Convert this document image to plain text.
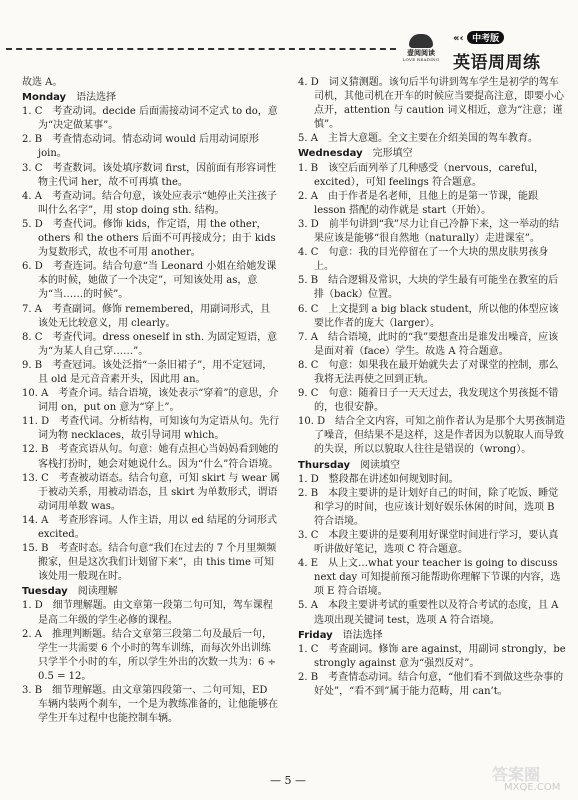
壹阅阅读
LOVE READING
«‹ 中考版
英语周周练

故选 A。

Monday　 语法选择

1. C　考查动词。decide 后面需接动词不定式 to do，意为“决定做某事”。

2. B　考查情态动词。情态动词 would 后用动词原形 join。

3. C　考查数词。该处填序数词 first，因前面有形容词性物主代词 her，故不可再填 the。

4. A　考查动词。结合句意，该处应表示“她停止关注孩子叫什么名字”，用 stop doing sth. 结构。

5. D　考查代词。修饰 kids，作定语，用 the other，others 和 the others 后面不可再接成分；由于 kids 为复数形式，故也不可用 another。

6. D　考查连词。结合句意“当 Leonard 小姐在给她发课本的时候，她做了一个决定”，可知该处用 as，意为“当……的时候”。

7. A　考查副词。修饰 remembered，用副词形式，且该处无比较意义，用 clearly。

8. C　考查代词。dress oneself in sth. 为固定短语，意为“为某人自己穿……”。

9. B　考查冠词。该处泛指“一条旧裙子”，用不定冠词，且 old 是元音音素开头，因此用 an。

10. A　考查介词。结合语境，该处表示“穿着”的意思，介词用 on，put on 意为“穿上”。

11. D　考查代词。分析结构，可知该句为定语从句。先行词为物 necklaces，故引导词用 which。

12. B　考查宾语从句。句意：她有点担心当妈妈看到她的客栈打扮时，她会对她说什么。因为“什么”符合语境。

13. C　考查被动语态。结合句意，可知 skirt 与 wear 属于被动关系，用被动语态，且 skirt 为单数形式，谓语动词用单数 was。

14. A　考查形容词。人作主语，用以 ed 结尾的分词形式 excited。

15. B　考查时态。结合句意“我们在过去的 7 个月里频频搬家，但是这次我们计划留下来”，由 this time 可知该处用一般现在时。

Tuesday　 阅读理解

1. D　细节理解题。由文章第一段第二句可知，驾车课程是高二年级的学生必修的课程。

2. A　推理判断题。结合文章第三段第二句及最后一句，学生一共需要 6 个小时的驾车训练，而每次外出训练只学半个小时的车，所以学生外出的次数一共为：6 ÷ 0.5 = 12。

3. B　细节理解题。由文章第四段第一、二句可知，ED 车辆内装两个刹车，一个是为教练准备的，让他能够在学生开车过程中也能控制车辆。

4. D　词义猜测题。该句后半句讲到驾车学生是初学的驾车司机，其他司机在开车的时候应当要提高注意，即要小心点开，attention 与 caution 词义相近，意为“注意；谨慎”。

5. A　主旨大意题。全文主要在介绍美国的驾车教育。

Wednesday　 完形填空

1. B　该空后面列举了几种感受（nervous，careful，excited），可知 feelings 符合题意。

2. A　由于作者是名老师，且他上的是第一节课，能跟 lesson 搭配的动作就是 start（开始）。

3. D　前半句讲到“我”尽力让自己冷静下来，这一举动的结果应该是能够“很自然地（naturally）走进课室”。

4. C　句意：我的目光停留在了一个大块的黑皮肤男孩身上。

5. B　结合逻辑及常识，大块的学生最有可能坐在教室的后排（back）位置。

6. C　上文提到 a big black student，所以他的体型应该要比作者的庞大（larger）。

7. A　结合语境，此时的“我”要想查出是谁发出噪音，应该是面对着（face）学生。故选 A 符合题意。

8. C　句意：如果我在最开始就失去了对课堂的控制，那么我将无法再使之回到正轨。

9. C　句意：随着日子一天天过去，我发现这个男孩挺不错的，也很安静。

10. D　结合全文内容，可知之前作者认为是那个大男孩制造了噪音，但结果不是这样，这是作者因为以貌取人而导致的失误，所以以貌取人往往是错误的（wrong）。

Thursday　 阅读填空

1. D　整段都在讲述如何规划时间。

2. B　本段主要讲的是计划好自己的时间，除了吃饭、睡觉和学习的时间，也应该计划好娱乐休闲的时间，选项 B 符合语境。

3. C　本段主要讲的是要利用好课堂时间进行学习，要认真听讲做好笔记，选项 C 符合题意。

4. E　从上文…what your teacher is going to discuss next day 可知提前预习能帮助你理解下节课的内容，选项 E 符合语境。

5. A　本段主要讲考试的重要性以及符合考试的态度，且 A 选项出现关键词 test，选项 A 符合语境。

Friday　 语法选择

1. C　考查副词。修饰 are against，用副词 strongly，be strongly against 意为“强烈反对”。

2. B　考查情态动词。结合句意，“他们看不到做这些杂事的好处”，“看不到”属于能力范畴，用 can’t。

— 5 —	答案圈
MXQE.COM
